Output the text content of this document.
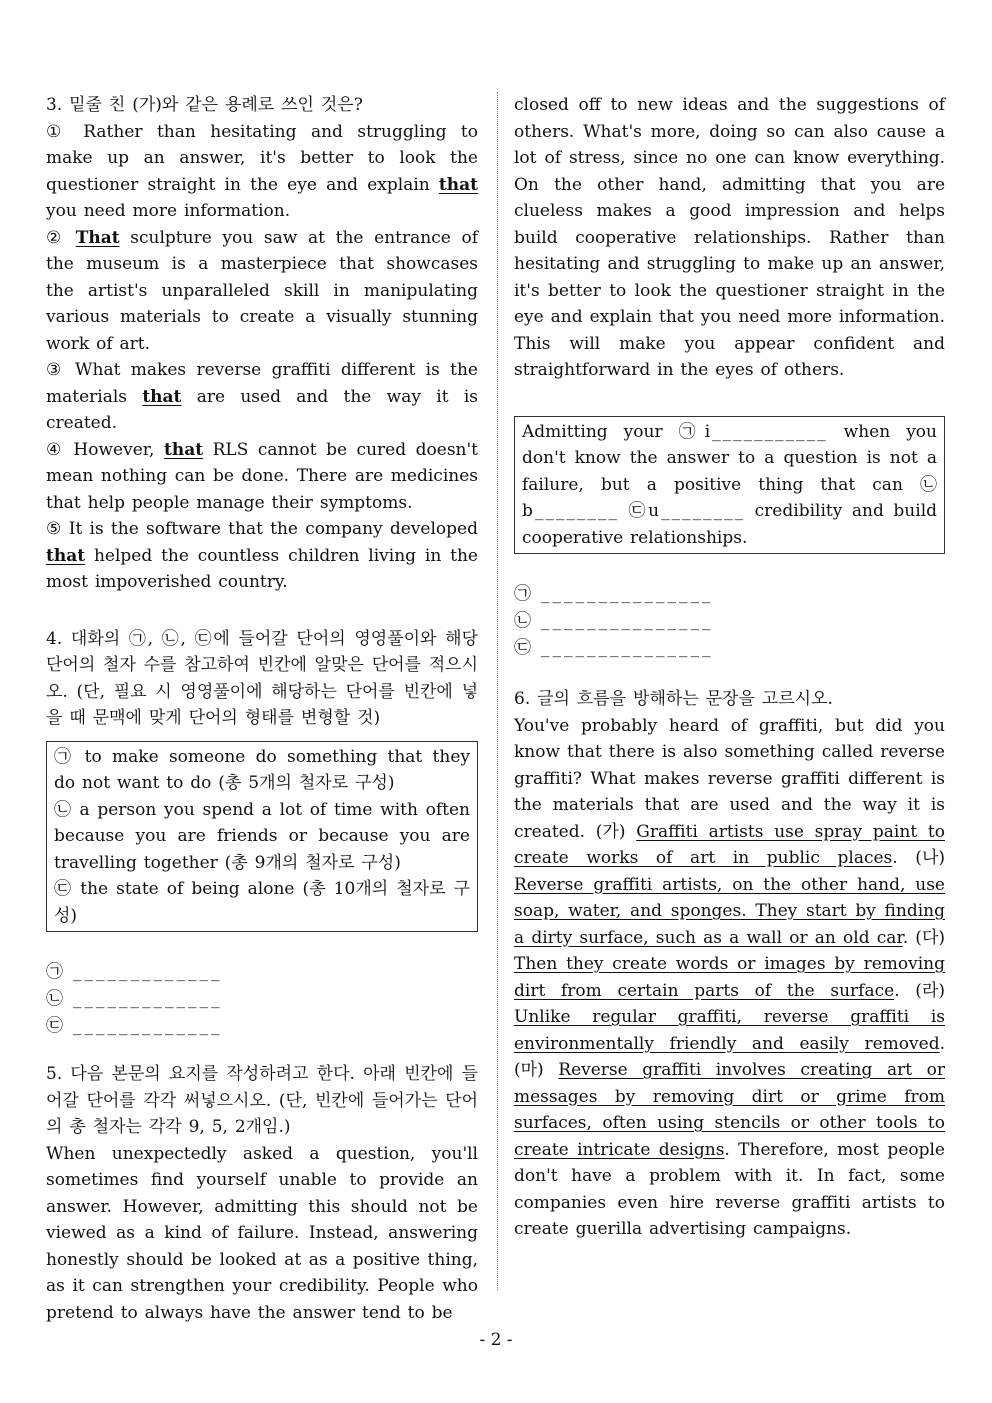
3. 밑줄 친 (가)와 같은 용례로 쓰인 것은?

① Rather than hesitating and struggling to make up an answer, it's better to look the questioner straight in the eye and explain that you need more information.

② That sculpture you saw at the entrance of the museum is a masterpiece that showcases the artist's unparalleled skill in manipulating various materials to create a visually stunning work of art.

③ What makes reverse graffiti different is the materials that are used and the way it is created.

④ However, that RLS cannot be cured doesn't mean nothing can be done. There are medicines that help people manage their symptoms.

⑤ It is the software that the company developed that helped the countless children living in the most impoverished country.

4. 대화의 ㉠, ㉡, ㉢에 들어갈 단어의 영영풀이와 해당 단어의 철자 수를 참고하여 빈칸에 알맞은 단어를 적으시오. (단, 필요 시 영영풀이에 해당하는 단어를 빈칸에 넣을 때 문맥에 맞게 단어의 형태를 변형할 것)

㉠ to make someone do something that they do not want to do (총 5개의 철자로 구성)

㉡ a person you spend a lot of time with often because you are friends or because you are travelling together (총 9개의 철자로 구성)

㉢ the state of being alone (총 10개의 철자로 구성)

㉠ _____________

㉡ _____________

㉢ _____________

5. 다음 본문의 요지를 작성하려고 한다. 아래 빈칸에 들어갈 단어를 각각 써넣으시오. (단, 빈칸에 들어가는 단어의 총 철자는 각각 9, 5, 2개임.)

When unexpectedly asked a question, you'll sometimes find yourself unable to provide an answer. However, admitting this should not be viewed as a kind of failure. Instead, answering honestly should be looked at as a positive thing, as it can strengthen your credibility. People who pretend to always have the answer tend to be

closed off to new ideas and the suggestions of others. What's more, doing so can also cause a lot of stress, since no one can know everything. On the other hand, admitting that you are clueless makes a good impression and helps build cooperative relationships. Rather than hesitating and struggling to make up an answer, it's better to look the questioner straight in the eye and explain that you need more information. This will make you appear confident and straightforward in the eyes of others.

Admitting your ㉠i___________ when you don't know the answer to a question is not a failure, but a positive thing that can ㉡b________ ㉢u________ credibility and build cooperative relationships.

㉠ _______________

㉡ _______________

㉢ _______________

6. 글의 흐름을 방해하는 문장을 고르시오.

You've probably heard of graffiti, but did you know that there is also something called reverse graffiti? What makes reverse graffiti different is the materials that are used and the way it is created. (가) Graffiti artists use spray paint to create works of art in public places. (나) Reverse graffiti artists, on the other hand, use soap, water, and sponges. They start by finding a dirty surface, such as a wall or an old car. (다) Then they create words or images by removing dirt from certain parts of the surface. (라) Unlike regular graffiti, reverse graffiti is environmentally friendly and easily removed. (마) Reverse graffiti involves creating art or messages by removing dirt or grime from surfaces, often using stencils or other tools to create intricate designs. Therefore, most people don't have a problem with it. In fact, some companies even hire reverse graffiti artists to create guerilla advertising campaigns.

- 2 -
